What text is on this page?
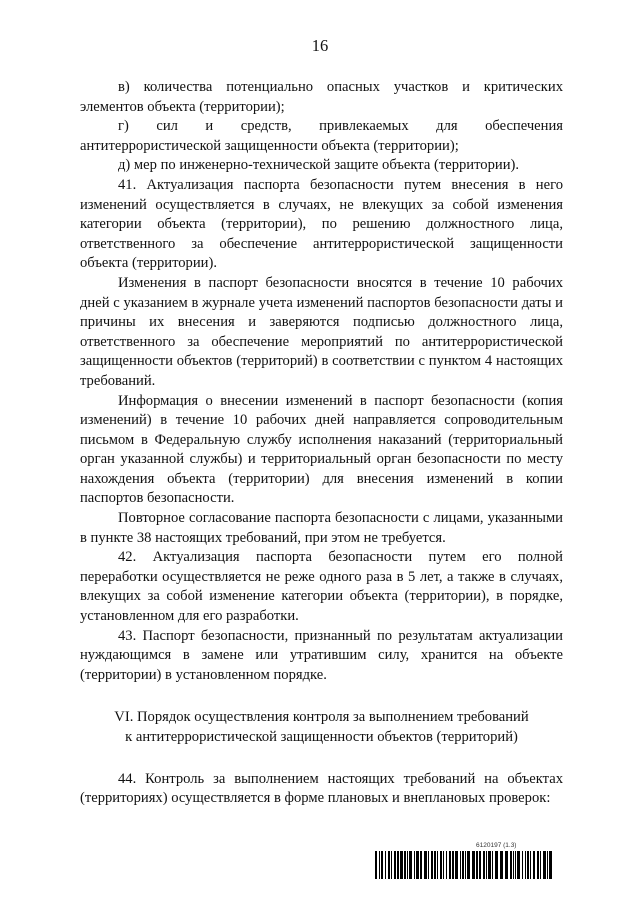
16

в) количества потенциально опасных участков и критических элементов объекта (территории);

г) сил и средств, привлекаемых для обеспечения антитеррористической защищенности объекта (территории);

д) мер по инженерно-технической защите объекта (территории).

41. Актуализация паспорта безопасности путем внесения в него изменений осуществляется в случаях, не влекущих за собой изменения категории объекта (территории), по решению должностного лица, ответственного за обеспечение антитеррористической защищенности объекта (территории).

Изменения в паспорт безопасности вносятся в течение 10 рабочих дней с указанием в журнале учета изменений паспортов безопасности даты и причины их внесения и заверяются подписью должностного лица, ответственного за обеспечение мероприятий по антитеррористической защищенности объектов (территорий) в соответствии с пунктом 4 настоящих требований.

Информация о внесении изменений в паспорт безопасности (копия изменений) в течение 10 рабочих дней направляется сопроводительным письмом в Федеральную службу исполнения наказаний (территориальный орган указанной службы) и территориальный орган безопасности по месту нахождения объекта (территории) для внесения изменений в копии паспортов безопасности.

Повторное согласование паспорта безопасности с лицами, указанными в пункте 38 настоящих требований, при этом не требуется.

42. Актуализация паспорта безопасности путем его полной переработки осуществляется не реже одного раза в 5 лет, а также в случаях, влекущих за собой изменение категории объекта (территории), в порядке, установленном для его разработки.

43. Паспорт безопасности, признанный по результатам актуализации нуждающимся в замене или утратившим силу, хранится на объекте (территории) в установленном порядке.

VI. Порядок осуществления контроля за выполнением требований
к антитеррористической защищенности объектов (территорий)

44. Контроль за выполнением настоящих требований на объектах (территориях) осуществляется в форме плановых и внеплановых проверок:

6120197 (1.3)
